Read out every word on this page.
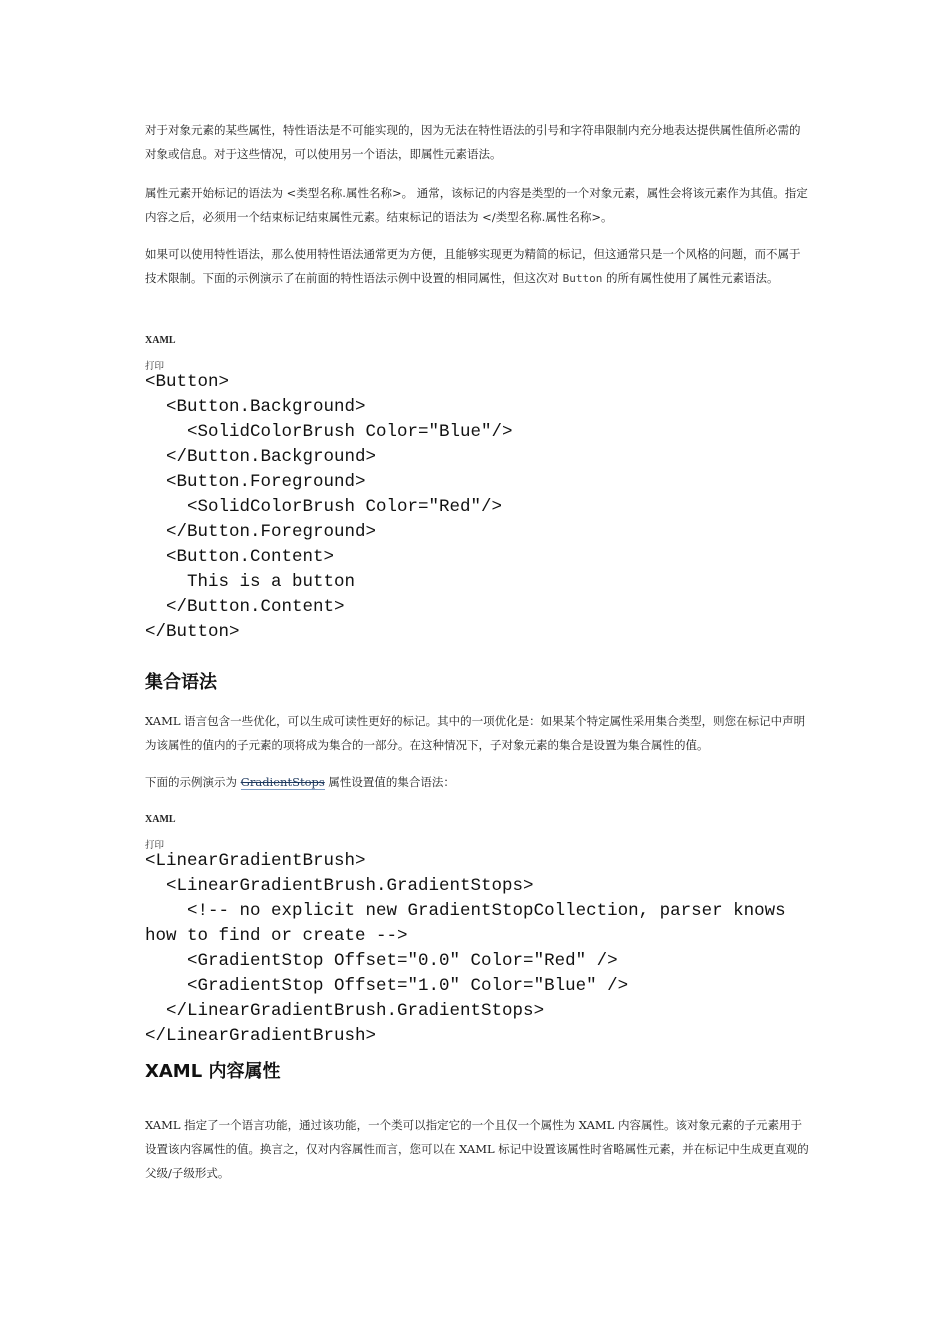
对于对象元素的某些属性，特性语法是不可能实现的，因为无法在特性语法的引号和字符串限制内充分地表达提供属性值所必需的对象或信息。对于这些情况，可以使用另一个语法，即属性元素语法。

属性元素开始标记的语法为 <类型名称.属性名称>。 通常，该标记的内容是类型的一个对象元素，属性会将该元素作为其值。指定内容之后，必须用一个结束标记结束属性元素。结束标记的语法为 </类型名称.属性名称>。

如果可以使用特性语法，那么使用特性语法通常更为方便，且能够实现更为精简的标记，但这通常只是一个风格的问题，而不属于技术限制。下面的示例演示了在前面的特性语法示例中设置的相同属性，但这次对 Button 的所有属性使用了属性元素语法。

XAML

打印

<Button>
<Button.Background>
<SolidColorBrush Color="Blue"/>
</Button.Background>
<Button.Foreground>
<SolidColorBrush Color="Red"/>
</Button.Foreground>
<Button.Content>
This is a button
</Button.Content>
</Button>
集合语法

XAML 语言包含一些优化，可以生成可读性更好的标记。其中的一项优化是：如果某个特定属性采用集合类型，则您在标记中声明为该属性的值内的子元素的项将成为集合的一部分。在这种情况下，子对象元素的集合是设置为集合属性的值。

下面的示例演示为 GradientStops 属性设置值的集合语法：

XAML

打印

<LinearGradientBrush>
<LinearGradientBrush.GradientStops>
<!-- no explicit new GradientStopCollection, parser knows
how to find or create -->
<GradientStop Offset="0.0" Color="Red" />
<GradientStop Offset="1.0" Color="Blue" />
</LinearGradientBrush.GradientStops>
</LinearGradientBrush>
XAML 内容属性

XAML 指定了一个语言功能，通过该功能，一个类可以指定它的一个且仅一个属性为 XAML 内容属性。该对象元素的子元素用于设置该内容属性的值。换言之，仅对内容属性而言，您可以在 XAML 标记中设置该属性时省略属性元素，并在标记中生成更直观的父级/子级形式。
